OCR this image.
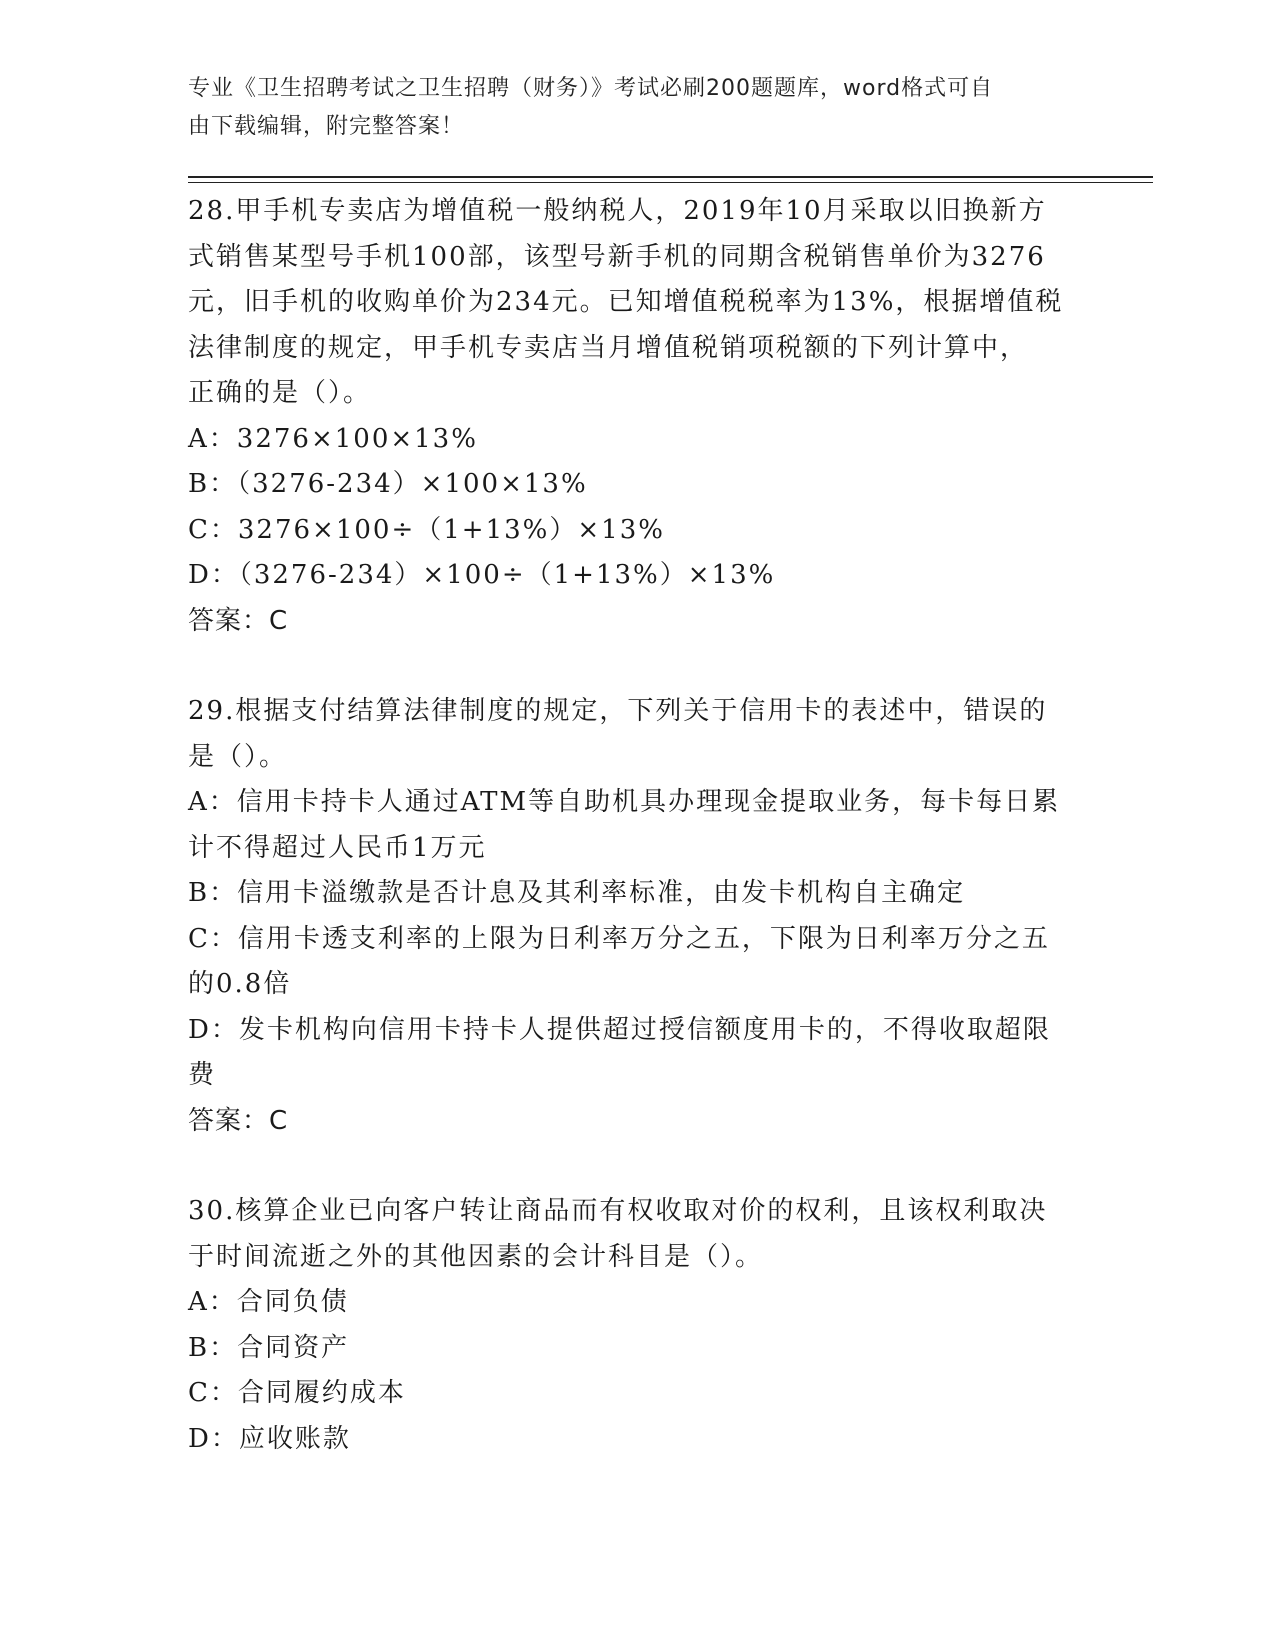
专业《卫生招聘考试之卫生招聘（财务）》考试必刷200题题库，word格式可自
由下载编辑，附完整答案！
28.甲手机专卖店为增值税一般纳税人，2019年10月采取以旧换新方
式销售某型号手机100部，该型号新手机的同期含税销售单价为3276
元，旧手机的收购单价为234元。已知增值税税率为13%，根据增值税
法律制度的规定，甲手机专卖店当月增值税销项税额的下列计算中，
正确的是（）。
A：3276×100×13%
B：（3276-234）×100×13%
C：3276×100÷（1+13%）×13%
D：（3276-234）×100÷（1+13%）×13%
答案：C
29.根据支付结算法律制度的规定，下列关于信用卡的表述中，错误的
是（）。
A：信用卡持卡人通过ATM等自助机具办理现金提取业务，每卡每日累计不得超过人民币1万元
B：信用卡溢缴款是否计息及其利率标准，由发卡机构自主确定
C：信用卡透支利率的上限为日利率万分之五，下限为日利率万分之五的0.8倍
D：发卡机构向信用卡持卡人提供超过授信额度用卡的，不得收取超限费
答案：C
30.核算企业已向客户转让商品而有权收取对价的权利，且该权利取决
于时间流逝之外的其他因素的会计科目是（）。
A：合同负债
B：合同资产
C：合同履约成本
D：应收账款
